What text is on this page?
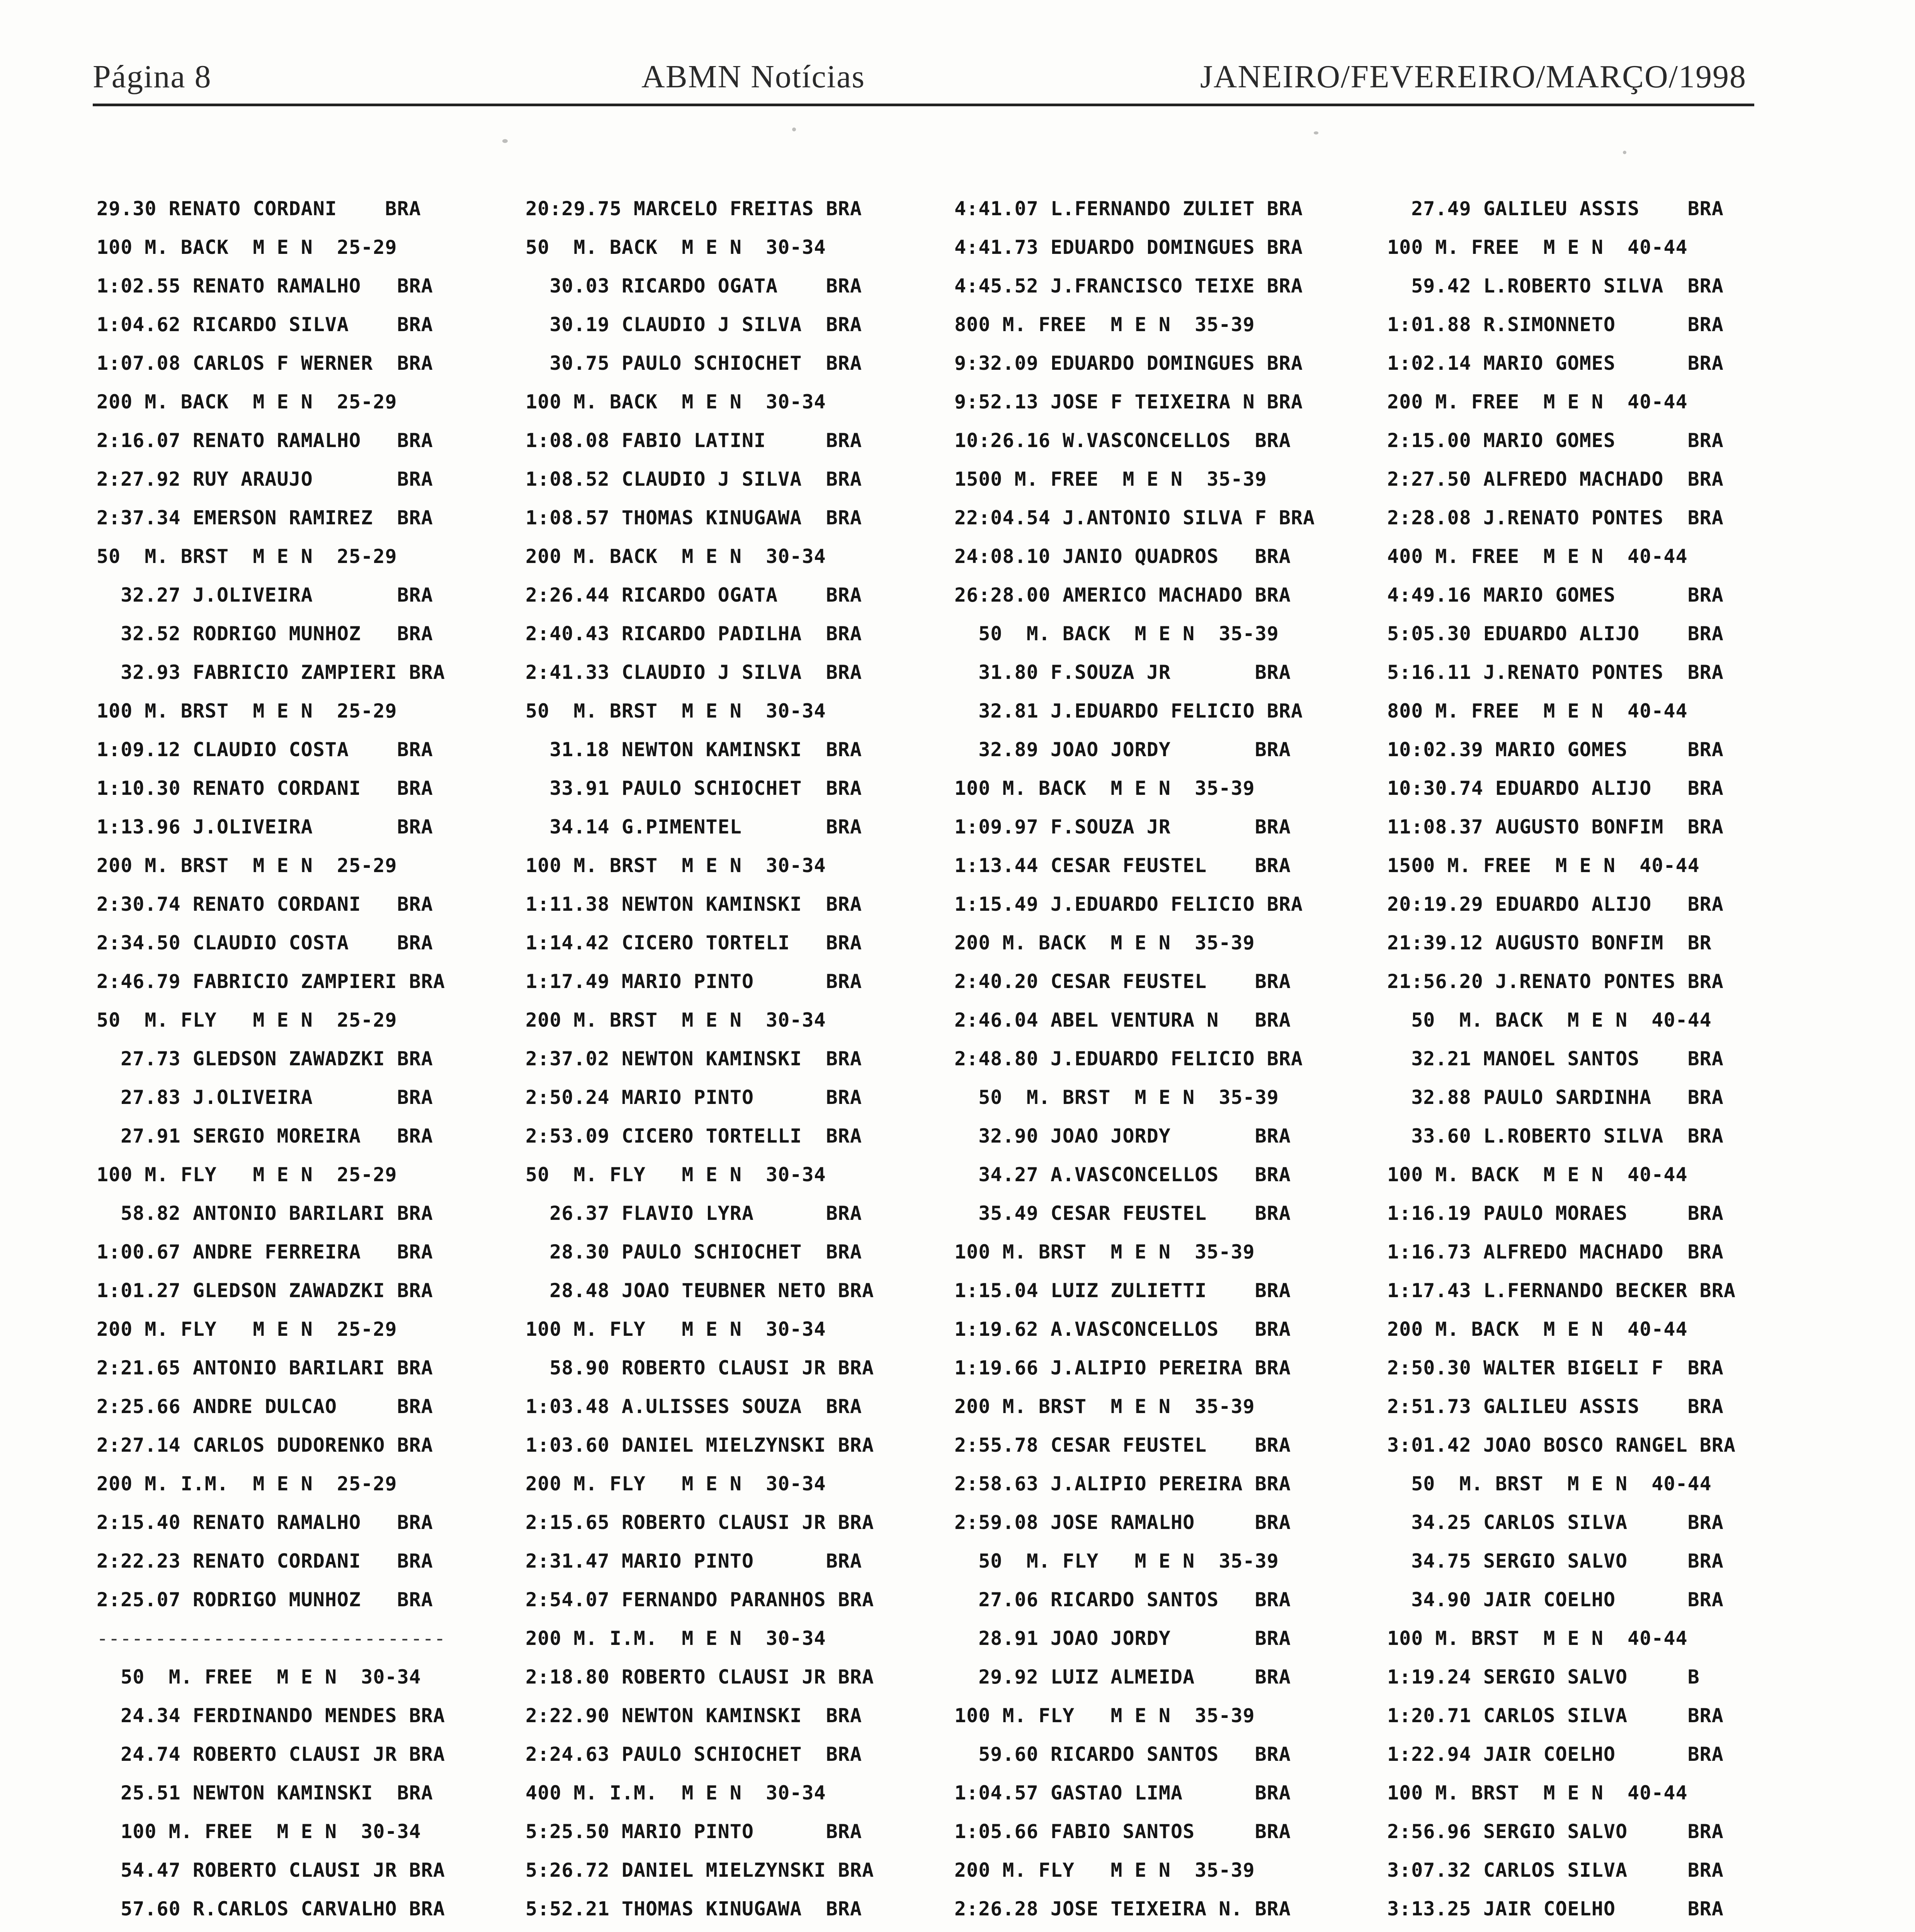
Página 8	ABMN Notícias	JANEIRO/FEVEREIRO/MARÇO/1998
29.30 RENATO CORDANI    BRA
100 M. BACK  M E N  25-29
1:02.55 RENATO RAMALHO   BRA
1:04.62 RICARDO SILVA    BRA
1:07.08 CARLOS F WERNER  BRA
200 M. BACK  M E N  25-29
2:16.07 RENATO RAMALHO   BRA
2:27.92 RUY ARAUJO       BRA
2:37.34 EMERSON RAMIREZ  BRA
50  M. BRST  M E N  25-29
32.27 J.OLIVEIRA       BRA
32.52 RODRIGO MUNHOZ   BRA
32.93 FABRICIO ZAMPIERI BRA
100 M. BRST  M E N  25-29
1:09.12 CLAUDIO COSTA    BRA
1:10.30 RENATO CORDANI   BRA
1:13.96 J.OLIVEIRA       BRA
200 M. BRST  M E N  25-29
2:30.74 RENATO CORDANI   BRA
2:34.50 CLAUDIO COSTA    BRA
2:46.79 FABRICIO ZAMPIERI BRA
50  M. FLY   M E N  25-29
27.73 GLEDSON ZAWADZKI BRA
27.83 J.OLIVEIRA       BRA
27.91 SERGIO MOREIRA   BRA
100 M. FLY   M E N  25-29
58.82 ANTONIO BARILARI BRA
1:00.67 ANDRE FERREIRA   BRA
1:01.27 GLEDSON ZAWADZKI BRA
200 M. FLY   M E N  25-29
2:21.65 ANTONIO BARILARI BRA
2:25.66 ANDRE DULCAO     BRA
2:27.14 CARLOS DUDORENKO BRA
200 M. I.M.  M E N  25-29
2:15.40 RENATO RAMALHO   BRA
2:22.23 RENATO CORDANI   BRA
2:25.07 RODRIGO MUNHOZ   BRA
------------------------------
50  M. FREE  M E N  30-34
24.34 FERDINANDO MENDES BRA
24.74 ROBERTO CLAUSI JR BRA
25.51 NEWTON KAMINSKI  BRA
100 M. FREE  M E N  30-34
54.47 ROBERTO CLAUSI JR BRA
57.60 R.CARLOS CARVALHO BRA
20:29.75 MARCELO FREITAS BRA
50  M. BACK  M E N  30-34
30.03 RICARDO OGATA    BRA
30.19 CLAUDIO J SILVA  BRA
30.75 PAULO SCHIOCHET  BRA
100 M. BACK  M E N  30-34
1:08.08 FABIO LATINI     BRA
1:08.52 CLAUDIO J SILVA  BRA
1:08.57 THOMAS KINUGAWA  BRA
200 M. BACK  M E N  30-34
2:26.44 RICARDO OGATA    BRA
2:40.43 RICARDO PADILHA  BRA
2:41.33 CLAUDIO J SILVA  BRA
50  M. BRST  M E N  30-34
31.18 NEWTON KAMINSKI  BRA
33.91 PAULO SCHIOCHET  BRA
34.14 G.PIMENTEL       BRA
100 M. BRST  M E N  30-34
1:11.38 NEWTON KAMINSKI  BRA
1:14.42 CICERO TORTELI   BRA
1:17.49 MARIO PINTO      BRA
200 M. BRST  M E N  30-34
2:37.02 NEWTON KAMINSKI  BRA
2:50.24 MARIO PINTO      BRA
2:53.09 CICERO TORTELLI  BRA
50  M. FLY   M E N  30-34
26.37 FLAVIO LYRA      BRA
28.30 PAULO SCHIOCHET  BRA
28.48 JOAO TEUBNER NETO BRA
100 M. FLY   M E N  30-34
58.90 ROBERTO CLAUSI JR BRA
1:03.48 A.ULISSES SOUZA  BRA
1:03.60 DANIEL MIELZYNSKI BRA
200 M. FLY   M E N  30-34
2:15.65 ROBERTO CLAUSI JR BRA
2:31.47 MARIO PINTO      BRA
2:54.07 FERNANDO PARANHOS BRA
200 M. I.M.  M E N  30-34
2:18.80 ROBERTO CLAUSI JR BRA
2:22.90 NEWTON KAMINSKI  BRA
2:24.63 PAULO SCHIOCHET  BRA
400 M. I.M.  M E N  30-34
5:25.50 MARIO PINTO      BRA
5:26.72 DANIEL MIELZYNSKI BRA
5:52.21 THOMAS KINUGAWA  BRA
4:41.07 L.FERNANDO ZULIET BRA
4:41.73 EDUARDO DOMINGUES BRA
4:45.52 J.FRANCISCO TEIXE BRA
800 M. FREE  M E N  35-39
9:32.09 EDUARDO DOMINGUES BRA
9:52.13 JOSE F TEIXEIRA N BRA
10:26.16 W.VASCONCELLOS  BRA
1500 M. FREE  M E N  35-39
22:04.54 J.ANTONIO SILVA F BRA
24:08.10 JANIO QUADROS   BRA
26:28.00 AMERICO MACHADO BRA
50  M. BACK  M E N  35-39
31.80 F.SOUZA JR       BRA
32.81 J.EDUARDO FELICIO BRA
32.89 JOAO JORDY       BRA
100 M. BACK  M E N  35-39
1:09.97 F.SOUZA JR       BRA
1:13.44 CESAR FEUSTEL    BRA
1:15.49 J.EDUARDO FELICIO BRA
200 M. BACK  M E N  35-39
2:40.20 CESAR FEUSTEL    BRA
2:46.04 ABEL VENTURA N   BRA
2:48.80 J.EDUARDO FELICIO BRA
50  M. BRST  M E N  35-39
32.90 JOAO JORDY       BRA
34.27 A.VASCONCELLOS   BRA
35.49 CESAR FEUSTEL    BRA
100 M. BRST  M E N  35-39
1:15.04 LUIZ ZULIETTI    BRA
1:19.62 A.VASCONCELLOS   BRA
1:19.66 J.ALIPIO PEREIRA BRA
200 M. BRST  M E N  35-39
2:55.78 CESAR FEUSTEL    BRA
2:58.63 J.ALIPIO PEREIRA BRA
2:59.08 JOSE RAMALHO     BRA
50  M. FLY   M E N  35-39
27.06 RICARDO SANTOS   BRA
28.91 JOAO JORDY       BRA
29.92 LUIZ ALMEIDA     BRA
100 M. FLY   M E N  35-39
59.60 RICARDO SANTOS   BRA
1:04.57 GASTAO LIMA      BRA
1:05.66 FABIO SANTOS     BRA
200 M. FLY   M E N  35-39
2:26.28 JOSE TEIXEIRA N. BRA
27.49 GALILEU ASSIS    BRA
100 M. FREE  M E N  40-44
59.42 L.ROBERTO SILVA  BRA
1:01.88 R.SIMONNETO      BRA
1:02.14 MARIO GOMES      BRA
200 M. FREE  M E N  40-44
2:15.00 MARIO GOMES      BRA
2:27.50 ALFREDO MACHADO  BRA
2:28.08 J.RENATO PONTES  BRA
400 M. FREE  M E N  40-44
4:49.16 MARIO GOMES      BRA
5:05.30 EDUARDO ALIJO    BRA
5:16.11 J.RENATO PONTES  BRA
800 M. FREE  M E N  40-44
10:02.39 MARIO GOMES     BRA
10:30.74 EDUARDO ALIJO   BRA
11:08.37 AUGUSTO BONFIM  BRA
1500 M. FREE  M E N  40-44
20:19.29 EDUARDO ALIJO   BRA
21:39.12 AUGUSTO BONFIM  BR
21:56.20 J.RENATO PONTES BRA
50  M. BACK  M E N  40-44
32.21 MANOEL SANTOS    BRA
32.88 PAULO SARDINHA   BRA
33.60 L.ROBERTO SILVA  BRA
100 M. BACK  M E N  40-44
1:16.19 PAULO MORAES     BRA
1:16.73 ALFREDO MACHADO  BRA
1:17.43 L.FERNANDO BECKER BRA
200 M. BACK  M E N  40-44
2:50.30 WALTER BIGELI F  BRA
2:51.73 GALILEU ASSIS    BRA
3:01.42 JOAO BOSCO RANGEL BRA
50  M. BRST  M E N  40-44
34.25 CARLOS SILVA     BRA
34.75 SERGIO SALVO     BRA
34.90 JAIR COELHO      BRA
100 M. BRST  M E N  40-44
1:19.24 SERGIO SALVO     B
1:20.71 CARLOS SILVA     BRA
1:22.94 JAIR COELHO      BRA
100 M. BRST  M E N  40-44
2:56.96 SERGIO SALVO     BRA
3:07.32 CARLOS SILVA     BRA
3:13.25 JAIR COELHO      BRA
